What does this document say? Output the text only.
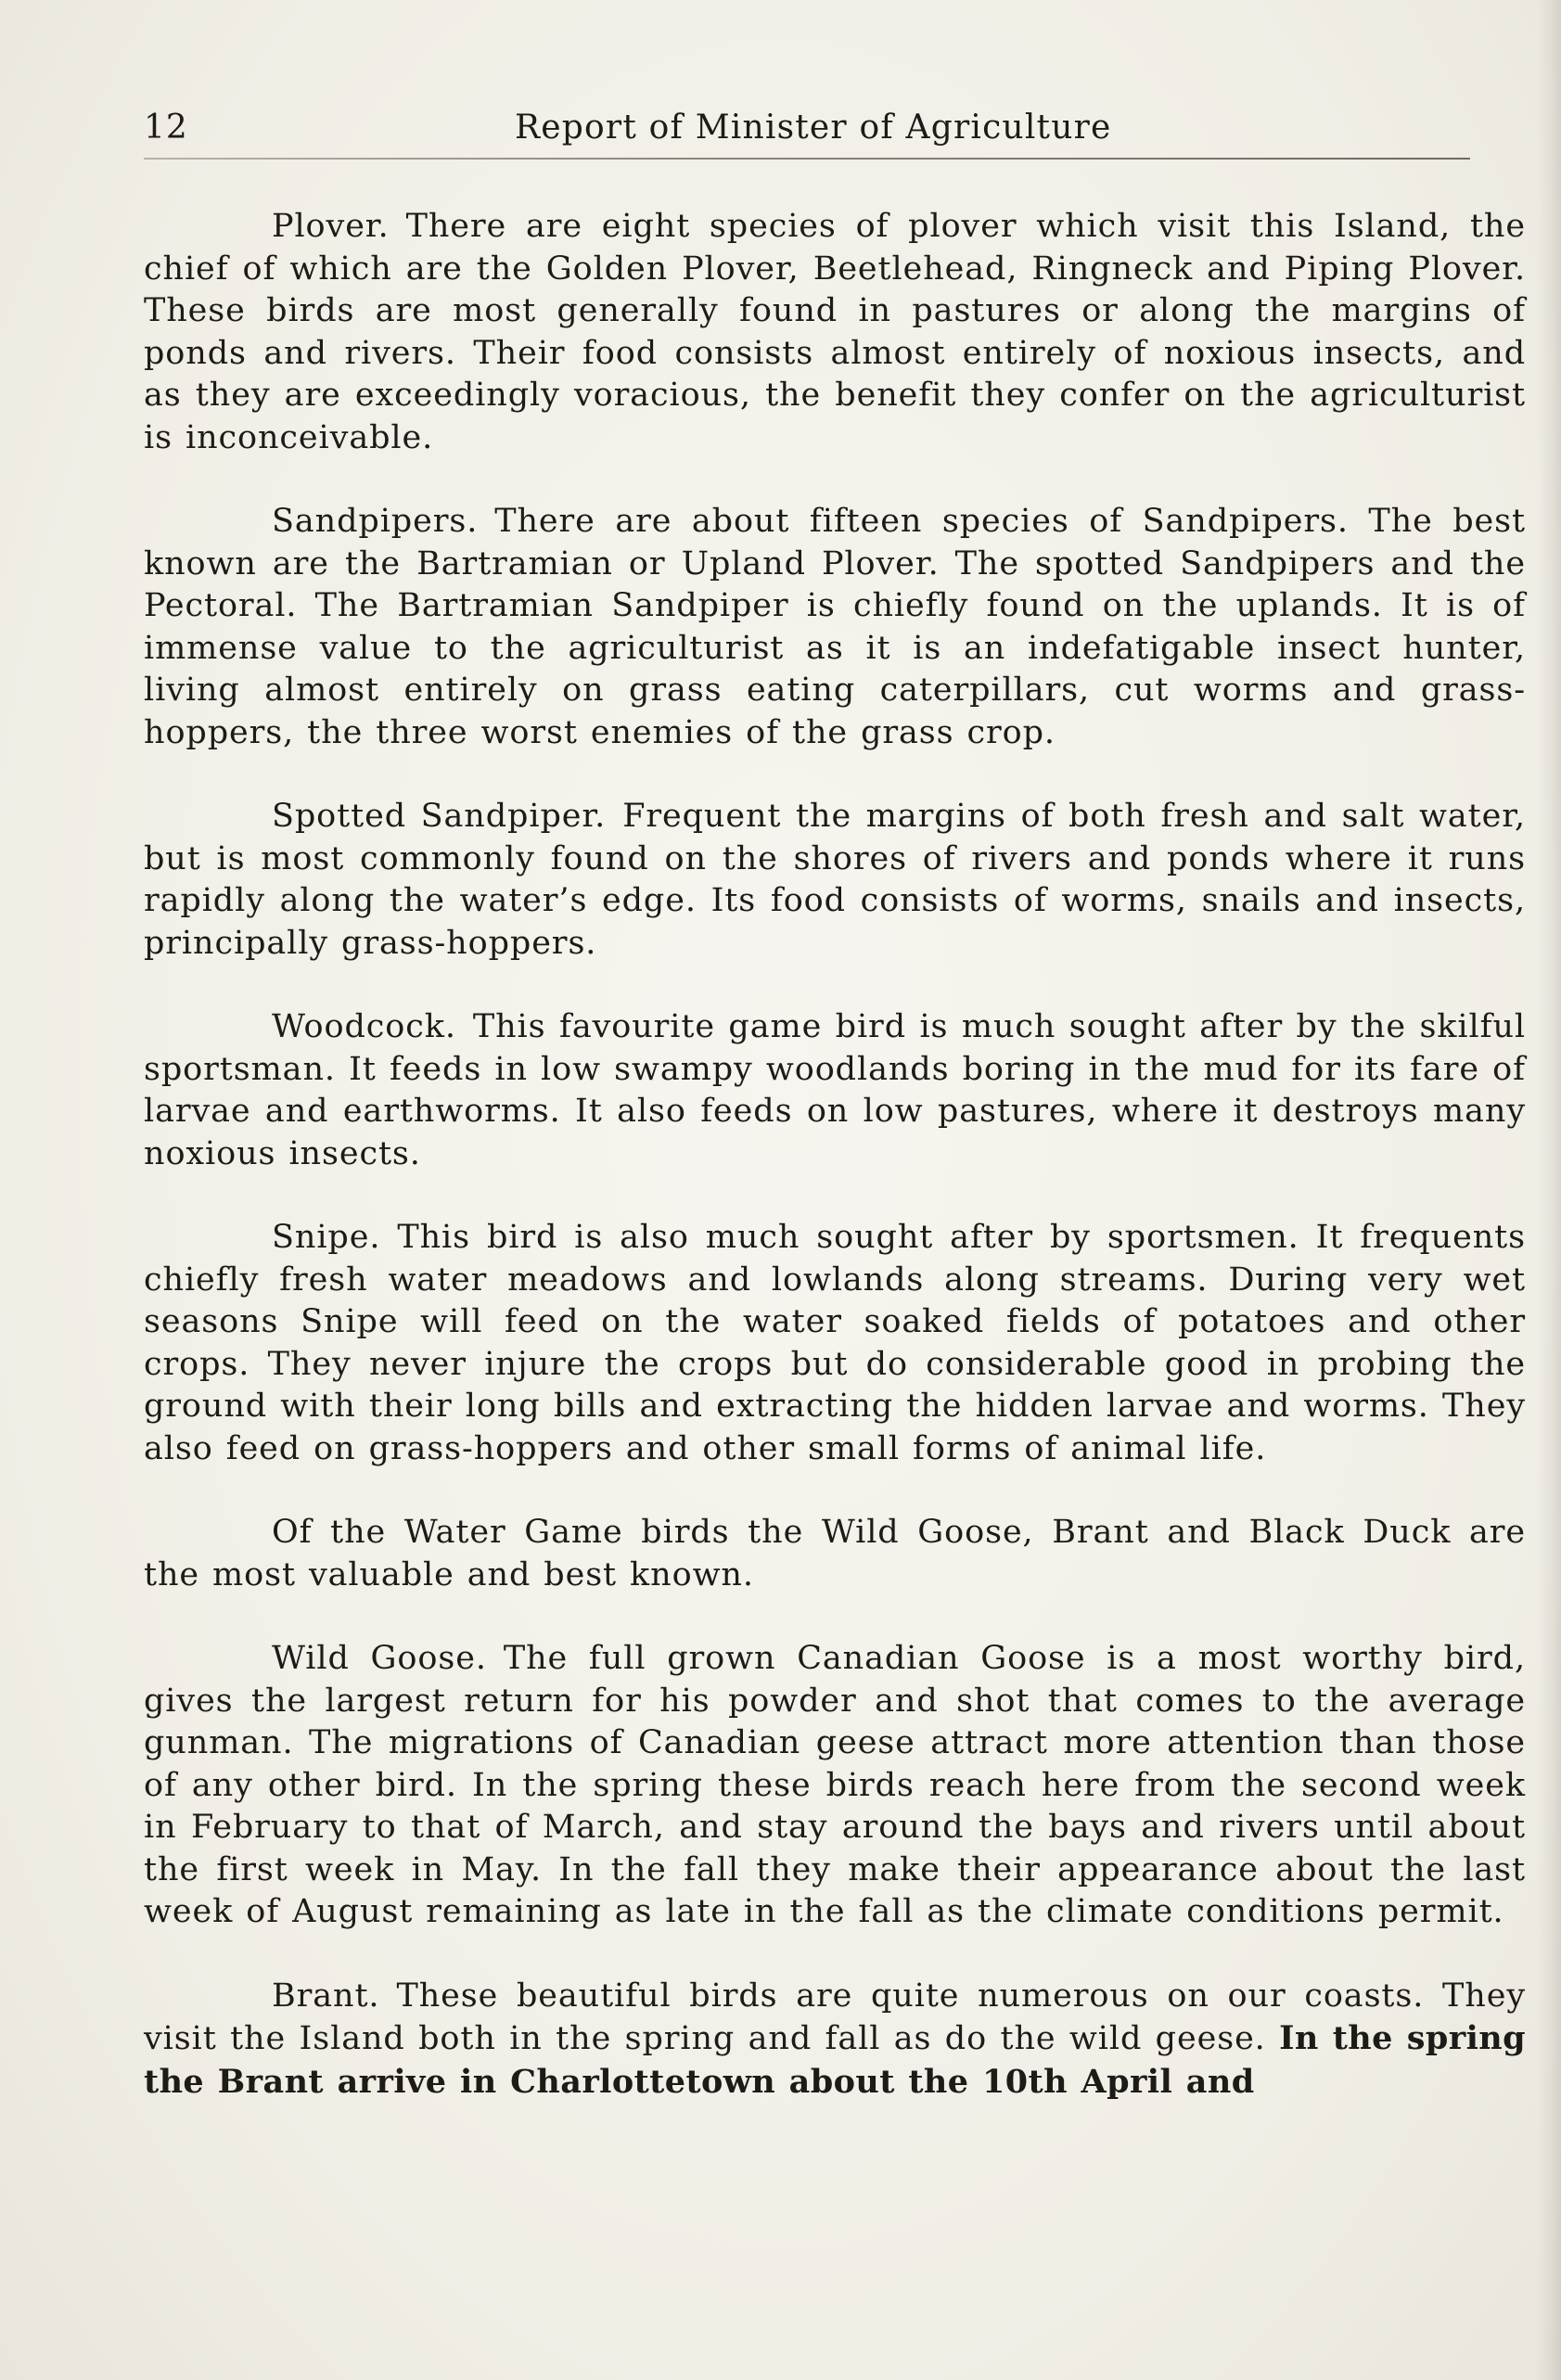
12	Report of Minister of Agriculture

Plover. There are eight species of plover which visit this Island, the chief of which are the Golden Plover, Beetlehead, Ringneck and Piping Plover. These birds are most generally found in pastures or along the margins of ponds and rivers. Their food consists almost entirely of noxious insects, and as they are exceedingly voracious, the benefit they confer on the agriculturist is inconceivable.

Sandpipers. There are about fifteen species of Sandpipers. The best known are the Bartramian or Upland Plover. The spotted Sandpipers and the Pectoral. The Bartramian Sandpiper is chiefly found on the uplands. It is of immense value to the agriculturist as it is an indefatigable insect hunter, living almost entirely on grass eating caterpillars, cut worms and grass-hoppers, the three worst enemies of the grass crop.

Spotted Sandpiper. Frequent the margins of both fresh and salt water, but is most commonly found on the shores of rivers and ponds where it runs rapidly along the water’s edge. Its food consists of worms, snails and insects, principally grass-hoppers.

Woodcock. This favourite game bird is much sought after by the skilful sportsman. It feeds in low swampy woodlands boring in the mud for its fare of larvae and earthworms. It also feeds on low pastures, where it destroys many noxious insects.

Snipe. This bird is also much sought after by sportsmen. It frequents chiefly fresh water meadows and lowlands along streams. During very wet seasons Snipe will feed on the water soaked fields of potatoes and other crops. They never injure the crops but do considerable good in probing the ground with their long bills and extracting the hidden larvae and worms. They also feed on grass-hoppers and other small forms of animal life.

Of the Water Game birds the Wild Goose, Brant and Black Duck are the most valuable and best known.

Wild Goose. The full grown Canadian Goose is a most worthy bird, gives the largest return for his powder and shot that comes to the average gunman. The migrations of Canadian geese attract more attention than those of any other bird. In the spring these birds reach here from the second week in February to that of March, and stay around the bays and rivers until about the first week in May. In the fall they make their appearance about the last week of August remaining as late in the fall as the climate conditions permit.

Brant. These beautiful birds are quite numerous on our coasts. They visit the Island both in the spring and fall as do the wild geese. In the spring the Brant arrive in Charlottetown about the 10th April and
